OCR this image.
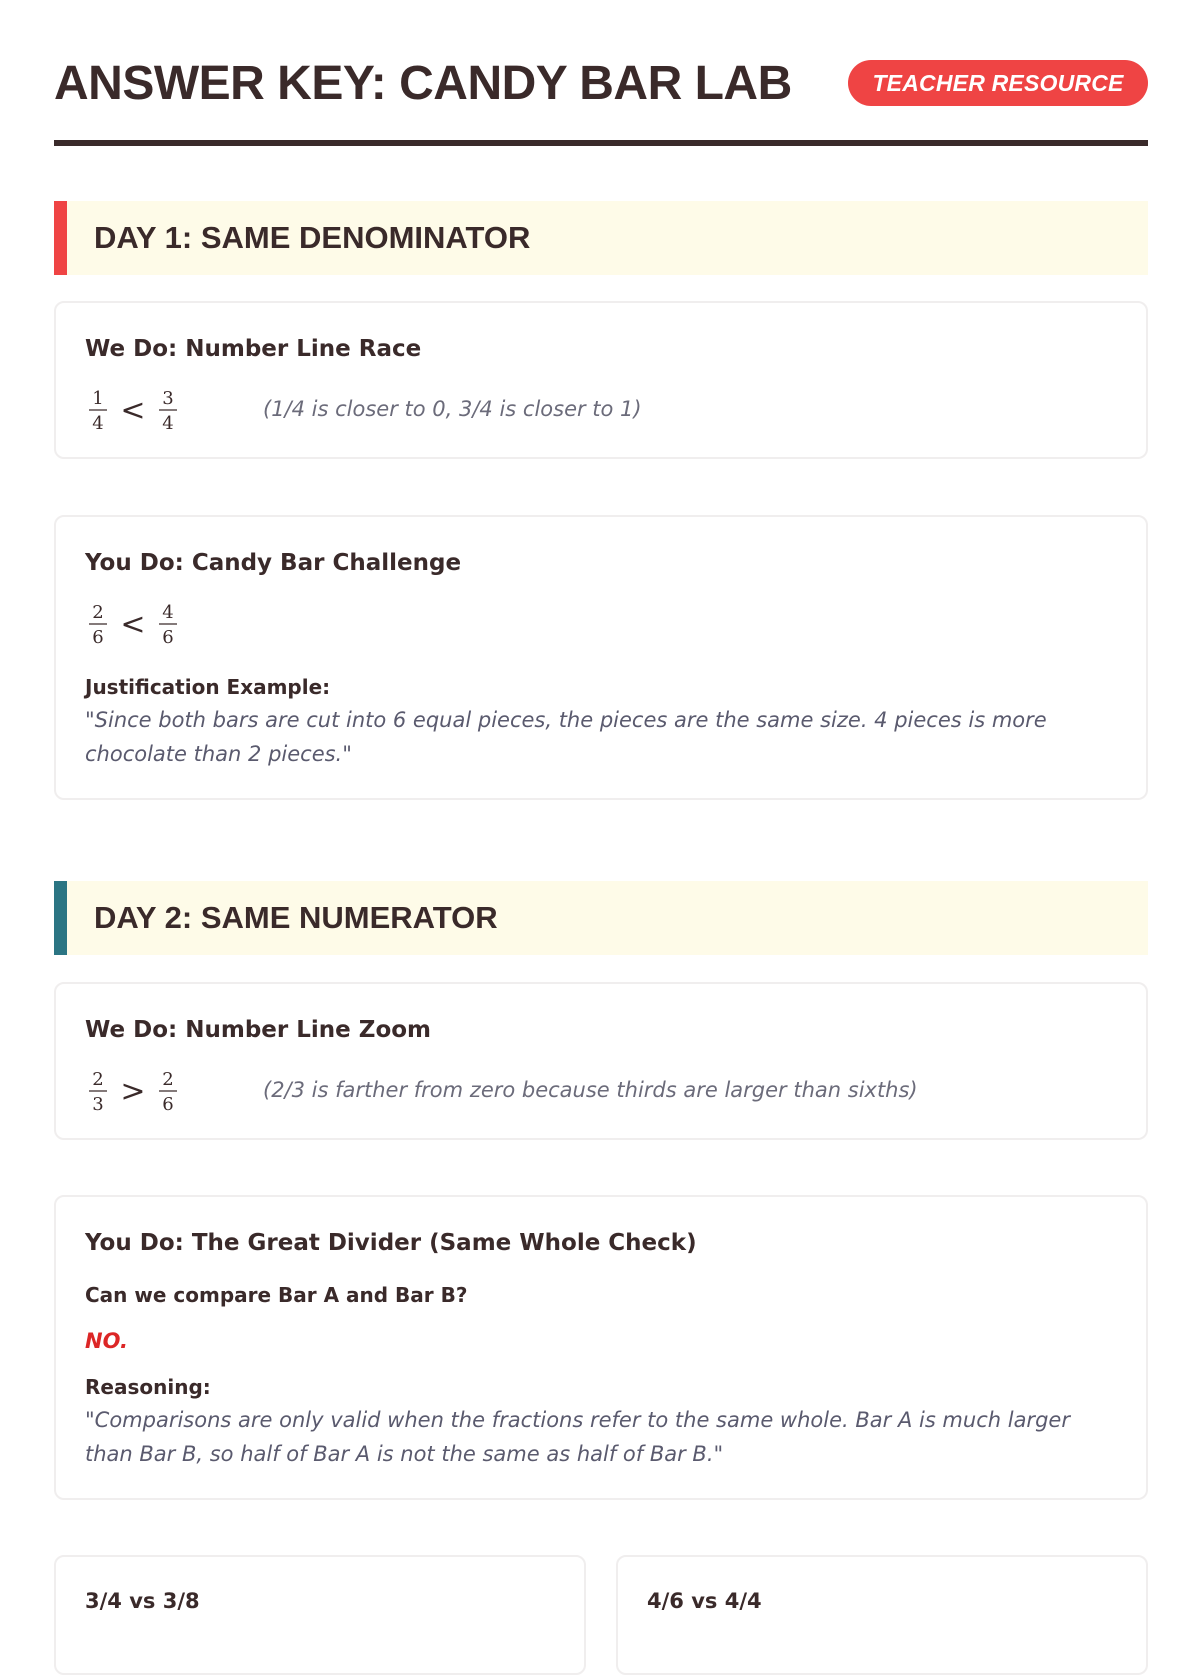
ANSWER KEY: CANDY BAR LAB	TEACHER RESOURCE
DAY 1: SAME DENOMINATOR
We Do: Number Line Race
1
4 < 3
4
(1/4 is closer to 0, 3/4 is closer to 1)
You Do: Candy Bar Challenge
2
6 < 4
6
Justification Example:
"Since both bars are cut into 6 equal pieces, the pieces are the same size. 4 pieces is more chocolate than 2 pieces."
DAY 2: SAME NUMERATOR
We Do: Number Line Zoom
2
3 > 2
6
(2/3 is farther from zero because thirds are larger than sixths)
You Do: The Great Divider (Same Whole Check)
Can we compare Bar A and Bar B?
NO.
Reasoning:
"Comparisons are only valid when the fractions refer to the same whole. Bar A is much larger than Bar B, so half of Bar A is not the same as half of Bar B."
3/4 vs 3/8	4/6 vs 4/4
